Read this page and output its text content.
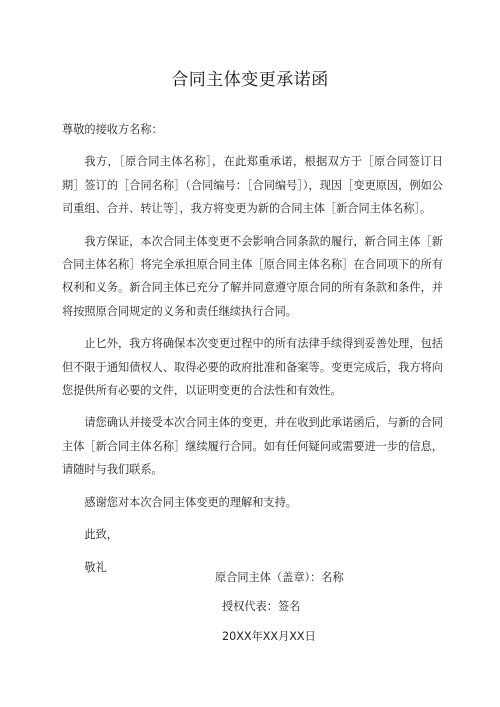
合同主体变更承诺函

尊敬的接收方名称：

我方，［原合同主体名称］，在此郑重承诺，根据双方于［原合同签订日期］签订的［合同名称］（合同编号：［合同编号］），现因［变更原因，例如公司重组、合并、转让等］，我方将变更为新的合同主体［新合同主体名称］。

我方保证，本次合同主体变更不会影响合同条款的履行，新合同主体［新合同主体名称］将完全承担原合同主体［原合同主体名称］在合同项下的所有权利和义务。新合同主体已充分了解并同意遵守原合同的所有条款和条件，并将按照原合同规定的义务和责任继续执行合同。

止匕外，我方将确保本次变更过程中的所有法律手续得到妥善处理，包括但不限于通知债权人、取得必要的政府批准和备案等。变更完成后，我方将向您提供所有必要的文件，以证明变更的合法性和有效性。

请您确认并接受本次合同主体的变更，并在收到此承诺函后，与新的合同主体［新合同主体名称］继续履行合同。如有任何疑问或需要进一步的信息，请随时与我们联系。

感谢您对本次合同主体变更的理解和支持。

此致，

敬礼

原合同主体（盖章）：名称
授权代表：签名
20XX年XX月XX日
